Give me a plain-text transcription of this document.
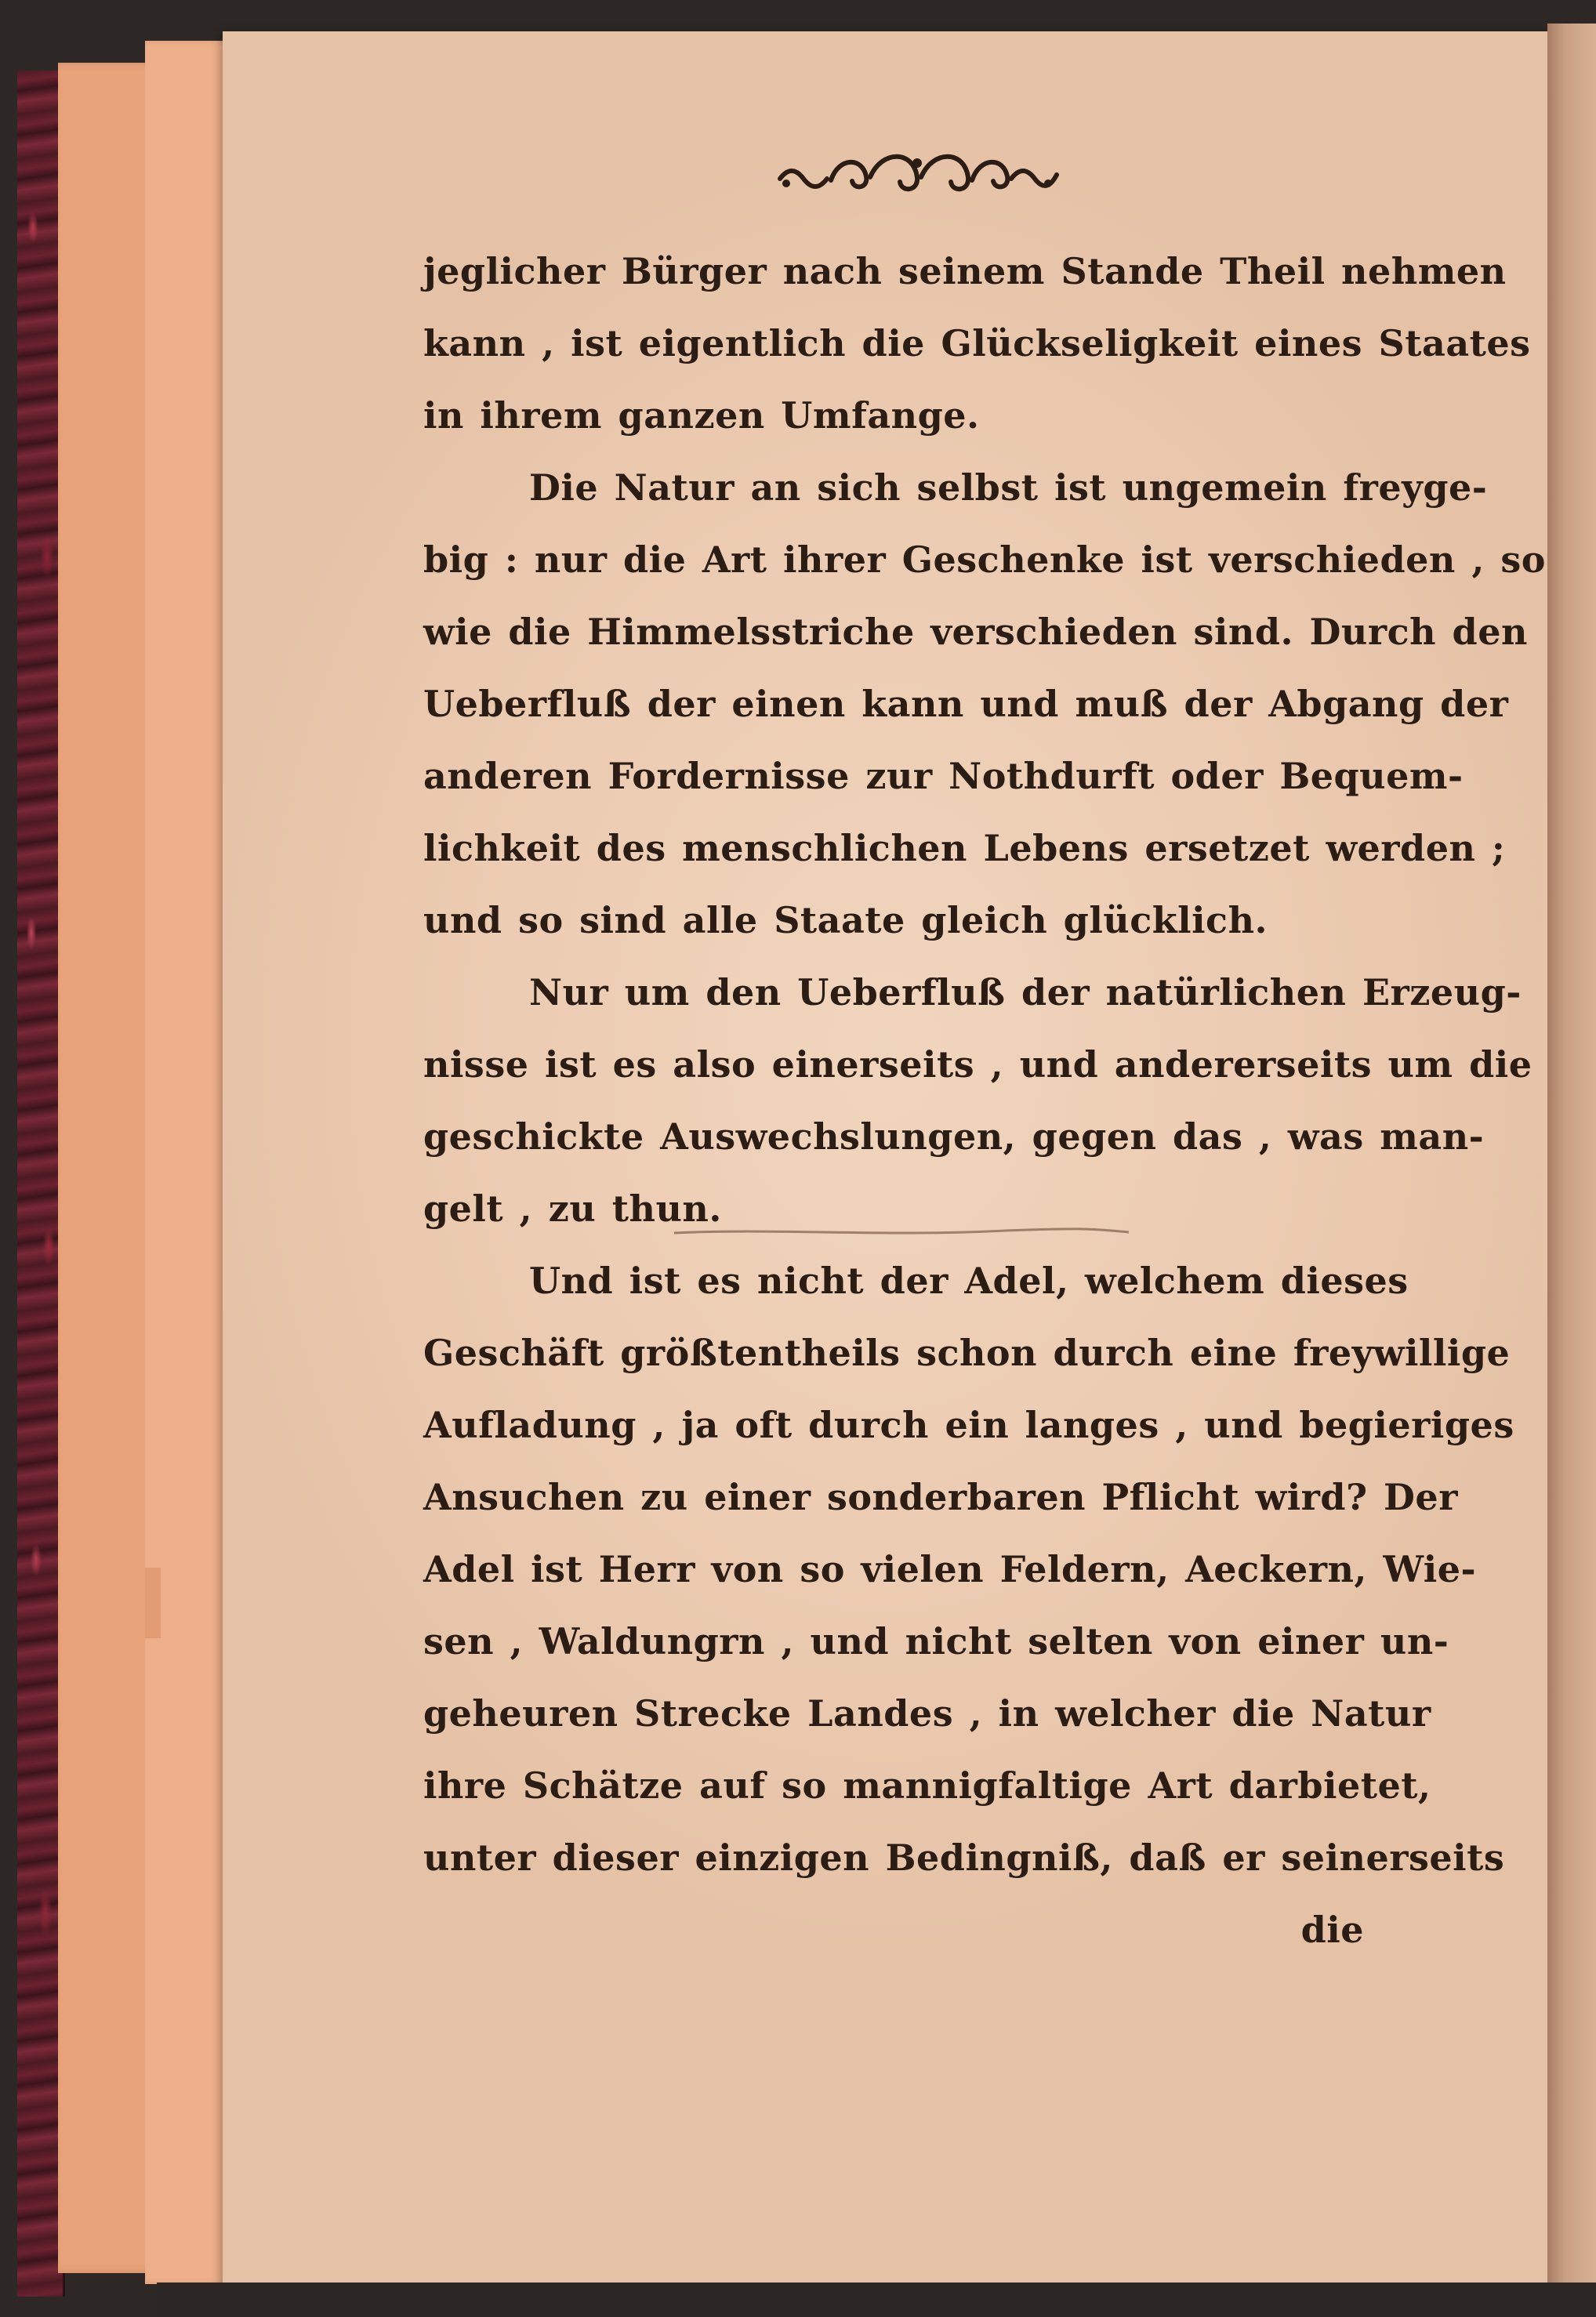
jeglicher Bürger nach seinem Stande Theil nehmen
kann , ist eigentlich die Glückseligkeit eines Staates
in ihrem ganzen Umfange.
Die Natur an sich selbst ist ungemein freyge-
big : nur die Art ihrer Geschenke ist verschieden , so
wie die Himmelsstriche verschieden sind. Durch den
Ueberfluß der einen kann und muß der Abgang der
anderen Fordernisse zur Nothdurft oder Bequem-
lichkeit des menschlichen Lebens ersetzet werden ;
und so sind alle Staate gleich glücklich.
Nur um den Ueberfluß der natürlichen Erzeug-
nisse ist es also einerseits , und andererseits um die
geschickte Auswechslungen, gegen das , was man-
gelt , zu thun.
Und ist es nicht der Adel, welchem dieses
Geschäft größtentheils schon durch eine freywillige
Aufladung , ja oft durch ein langes , und begieriges
Ansuchen zu einer sonderbaren Pflicht wird? Der
Adel ist Herr von so vielen Feldern, Aeckern, Wie-
sen , Waldungrn , und nicht selten von einer un-
geheuren Strecke Landes , in welcher die Natur
ihre Schätze auf so mannigfaltige Art darbietet,
unter dieser einzigen Bedingniß, daß er seinerseits
die
